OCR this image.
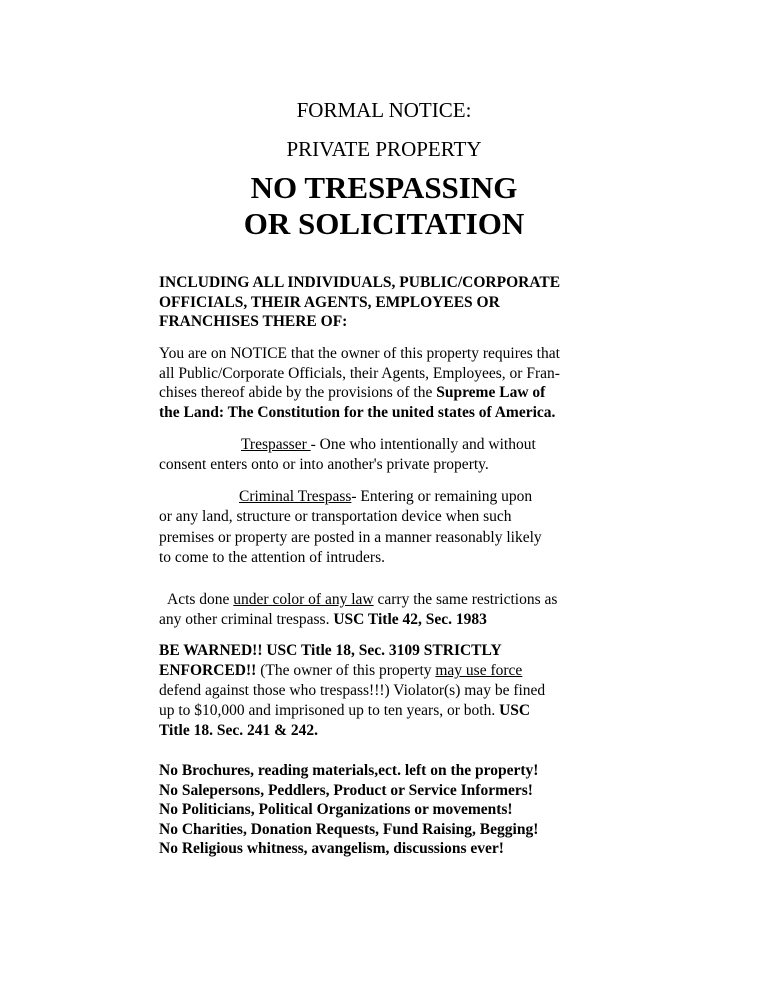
FORMAL NOTICE:
PRIVATE PROPERTY
NO TRESPASSING
OR SOLICITATION
INCLUDING ALL INDIVIDUALS, PUBLIC/CORPORATE
OFFICIALS, THEIR AGENTS, EMPLOYEES OR
FRANCHISES THERE OF:
You are on NOTICE that the owner of this property requires that
all Public/Corporate Officials, their Agents, Employees, or Fran-
chises thereof abide by the provisions of the Supreme Law of
the Land: The Constitution for the united states of America.
Trespasser - One who intentionally and without
consent enters onto or into another's private property.
Criminal Trespass- Entering or remaining upon
or any land, structure or transportation device when such
premises or property are posted in a manner reasonably likely
to come to the attention of intruders.
Acts done under color of any law carry the same restrictions as
any other criminal trespass. USC Title 42, Sec. 1983
BE WARNED!! USC Title 18, Sec. 3109 STRICTLY
ENFORCED!! (The owner of this property may use force
defend against those who trespass!!!) Violator(s) may be fined
up to $10,000 and imprisoned up to ten years, or both. USC
Title 18. Sec. 241 & 242.
No Brochures, reading materials,ect. left on the property!
No Salepersons, Peddlers, Product or Service Informers!
No Politicians, Political Organizations or movements!
No Charities, Donation Requests, Fund Raising, Begging!
No Religious whitness, avangelism, discussions ever!
